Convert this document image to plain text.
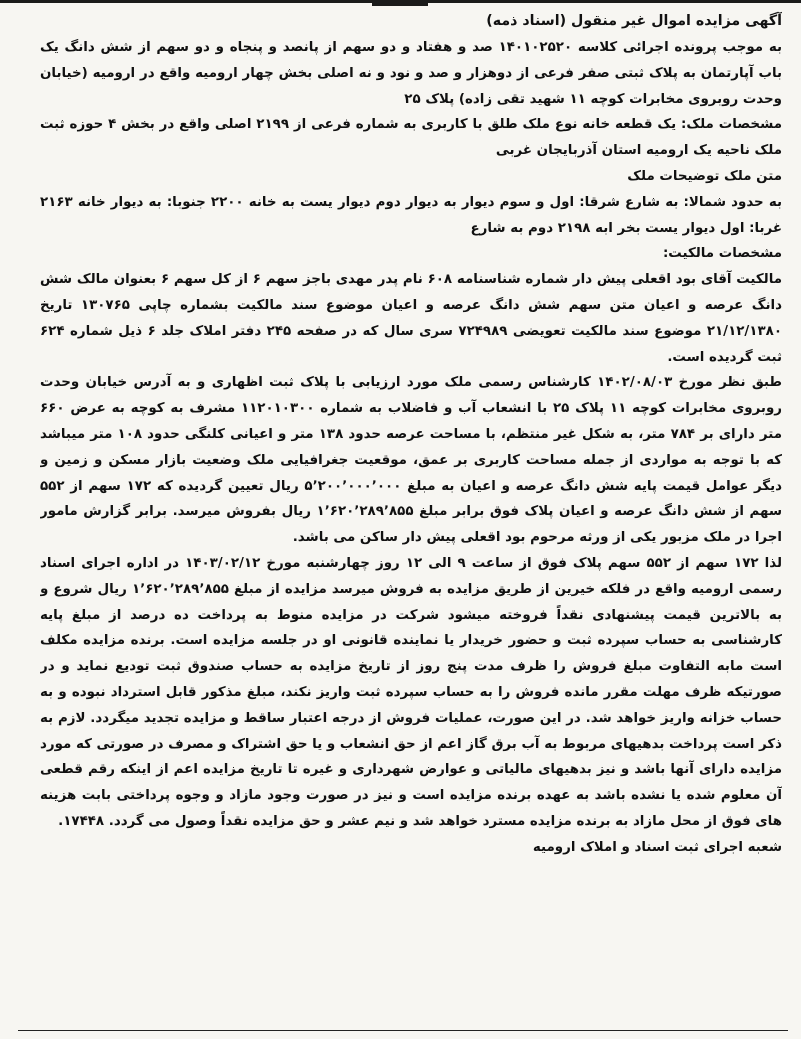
آگهی مزایده اموال غیر منقول (اسناد ذمه)

به موجب پرونده اجرائی کلاسه ۱۴۰۱۰۲۵۲۰ صد و هفتاد و دو سهم از پانصد و پنجاه و دو سهم از شش دانگ یک باب آپارتمان به پلاک ثبتی صفر فرعی از دوهزار و صد و نود و نه اصلی بخش چهار ارومیه واقع در ارومیه (خیابان وحدت روبروی مخابرات کوچه ۱۱ شهید تقی زاده) پلاک ۲۵

مشخصات ملک: یک قطعه خانه نوع ملک طلق با کاربری به شماره فرعی از ۲۱۹۹ اصلی واقع در بخش ۴ حوزه ثبت ملک ناحیه یک ارومیه استان آذربایجان غربی

متن ملک توضیحات ملک

به حدود شمالا: به شارع شرقا: اول و سوم دیوار به دیوار دوم دیوار یست به خانه ۲۲۰۰ جنوبا: به دیوار خانه ۲۱۶۳ غربا: اول دیوار یست بخر ابه ۲۱۹۸ دوم به شارع

مشخصات مالکیت:

مالکیت آقای بود اقعلی پیش دار شماره شناسنامه ۶۰۸ نام پدر مهدی باجز سهم ۶ از کل سهم ۶ بعنوان مالک شش دانگ عرصه و اعیان متن سهم شش دانگ عرصه و اعیان موضوع سند مالکیت بشماره چاپی ۱۳۰۷۶۵ تاریخ ۲۱/۱۲/۱۳۸۰ موضوع سند مالکیت تعویضی ۷۲۴۹۸۹ سری سال که در صفحه ۲۴۵ دفتر املاک جلد ۶ ذیل شماره ۶۲۴ ثبت گردیده است.

طبق نظر مورخ ۱۴۰۲/۰۸/۰۳ کارشناس رسمی ملک مورد ارزیابی با پلاک ثبت اظهاری و به آدرس خیابان وحدت روبروی مخابرات کوچه ۱۱ پلاک ۲۵ با انشعاب آب و فاضلاب به شماره ۱۱۲۰۱۰۳۰۰ مشرف به کوچه به عرض ۶۶۰ متر دارای بر ۷۸۴ متر، به شکل غیر منتظم، با مساحت عرصه حدود ۱۳۸ متر و اعیانی کلنگی حدود ۱۰۸ متر میباشد که با توجه به مواردی از جمله مساحت کاربری بر عمق، موقعیت جغرافیایی ملک وضعیت بازار مسکن و زمین و دیگر عوامل قیمت پایه شش دانگ عرصه و اعیان به مبلغ ۵٬۲۰۰٬۰۰۰٬۰۰۰ ریال تعیین گردیده که ۱۷۲ سهم از ۵۵۲ سهم از شش دانگ عرصه و اعیان پلاک فوق برابر مبلغ ۱٬۶۲۰٬۲۸۹٬۸۵۵ ریال بفروش میرسد. برابر گزارش مامور اجرا در ملک مزبور یکی از ورثه مرحوم بود اقعلی پیش دار ساکن می باشد.

لذا ۱۷۲ سهم از ۵۵۲ سهم پلاک فوق از ساعت ۹ الی ۱۲ روز چهارشنبه مورخ ۱۴۰۳/۰۲/۱۲ در اداره اجرای اسناد رسمی ارومیه واقع در فلکه خیرین از طریق مزایده به فروش میرسد مزایده از مبلغ ۱٬۶۲۰٬۲۸۹٬۸۵۵ ریال شروع و به بالاترین قیمت پیشنهادی نقداً فروخته میشود شرکت در مزایده منوط به پرداخت ده درصد از مبلغ پایه کارشناسی به حساب سپرده ثبت و حضور خریدار یا نماینده قانونی او در جلسه مزایده است. برنده مزایده مکلف است مابه التفاوت مبلغ فروش را ظرف مدت پنج روز از تاریخ مزایده به حساب صندوق ثبت تودیع نماید و در صورتیکه ظرف مهلت مقرر مانده فروش را به حساب سپرده ثبت واریز نکند، مبلغ مذکور قابل استرداد نبوده و به حساب خزانه واریز خواهد شد. در این صورت، عملیات فروش از درجه اعتبار ساقط و مزایده تجدید میگردد. لازم به ذکر است پرداخت بدهیهای مربوط به آب برق گاز اعم از حق انشعاب و یا حق اشتراک و مصرف در صورتی که مورد مزایده دارای آنها باشد و نیز بدهیهای مالیاتی و عوارض شهرداری و غیره تا تاریخ مزایده اعم از اینکه رقم قطعی آن معلوم شده یا نشده باشد به عهده برنده مزایده است و نیز در صورت وجود مازاد و وجوه پرداختی بابت هزینه های فوق از محل مازاد به برنده مزایده مسترد خواهد شد و نیم عشر و حق مزایده نقداً وصول می گردد. ۱۷۴۴۸.

شعبه اجرای ثبت اسناد و املاک ارومیه
